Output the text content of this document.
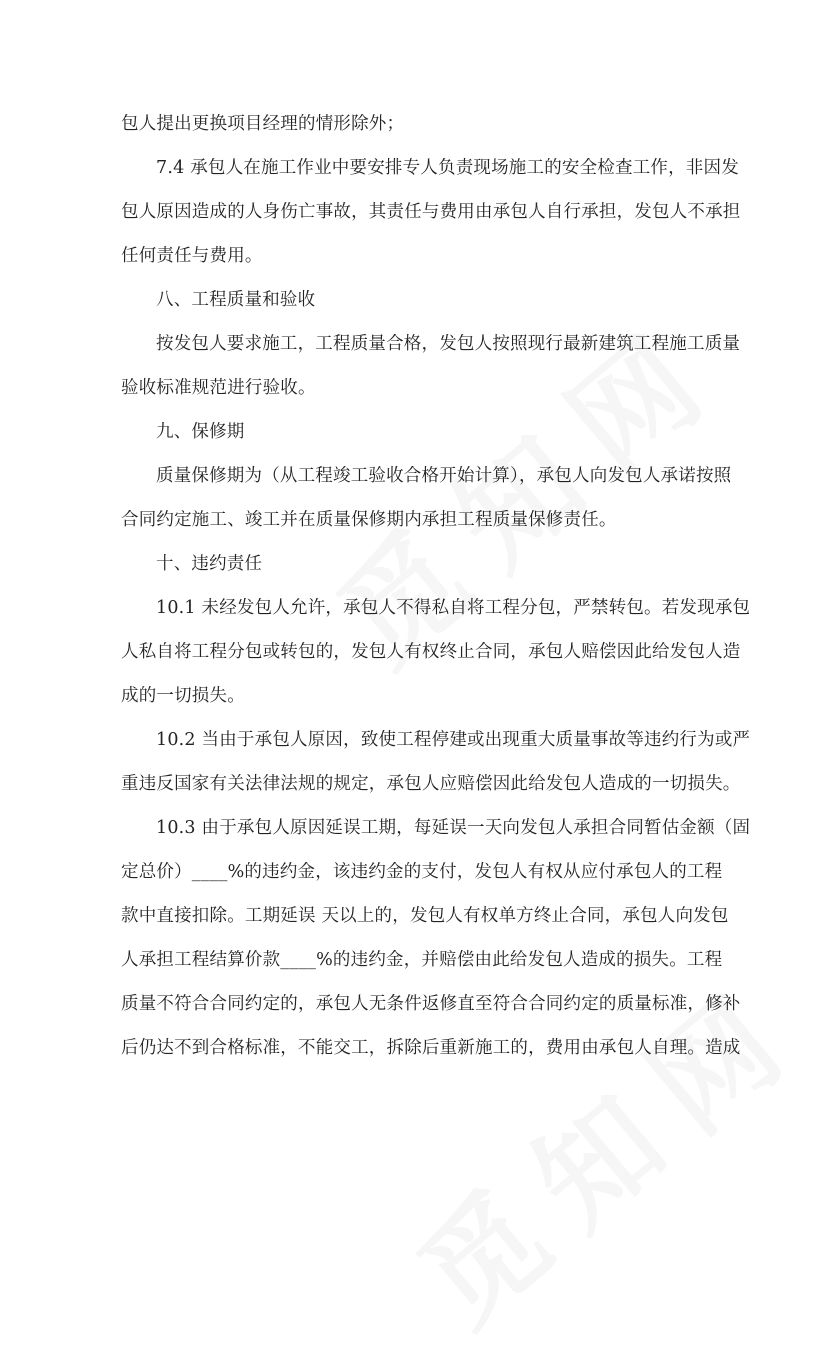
包人提出更换项目经理的情形除外；

7.4 承包人在施工作业中要安排专人负责现场施工的安全检查工作，非因发
包人原因造成的人身伤亡事故，其责任与费用由承包人自行承担，发包人不承担
任何责任与费用。

八、工程质量和验收

按发包人要求施工，工程质量合格，发包人按照现行最新建筑工程施工质量
验收标准规范进行验收。

九、保修期

质量保修期为（从工程竣工验收合格开始计算），承包人向发包人承诺按照
合同约定施工、竣工并在质量保修期内承担工程质量保修责任。

十、违约责任

10.1 未经发包人允许，承包人不得私自将工程分包，严禁转包。若发现承包
人私自将工程分包或转包的，发包人有权终止合同，承包人赔偿因此给发包人造
成的一切损失。

10.2 当由于承包人原因，致使工程停建或出现重大质量事故等违约行为或严
重违反国家有关法律法规的规定，承包人应赔偿因此给发包人造成的一切损失。

10.3 由于承包人原因延误工期，每延误一天向发包人承担合同暂估金额（固
定总价）____%的违约金，该违约金的支付，发包人有权从应付承包人的工程
款中直接扣除。工期延误 天以上的，发包人有权单方终止合同，承包人向发包
人承担工程结算价款____%的违约金，并赔偿由此给发包人造成的损失。工程
质量不符合合同约定的，承包人无条件返修直至符合合同约定的质量标准，修补
后仍达不到合格标准，不能交工，拆除后重新施工的，费用由承包人自理。造成
